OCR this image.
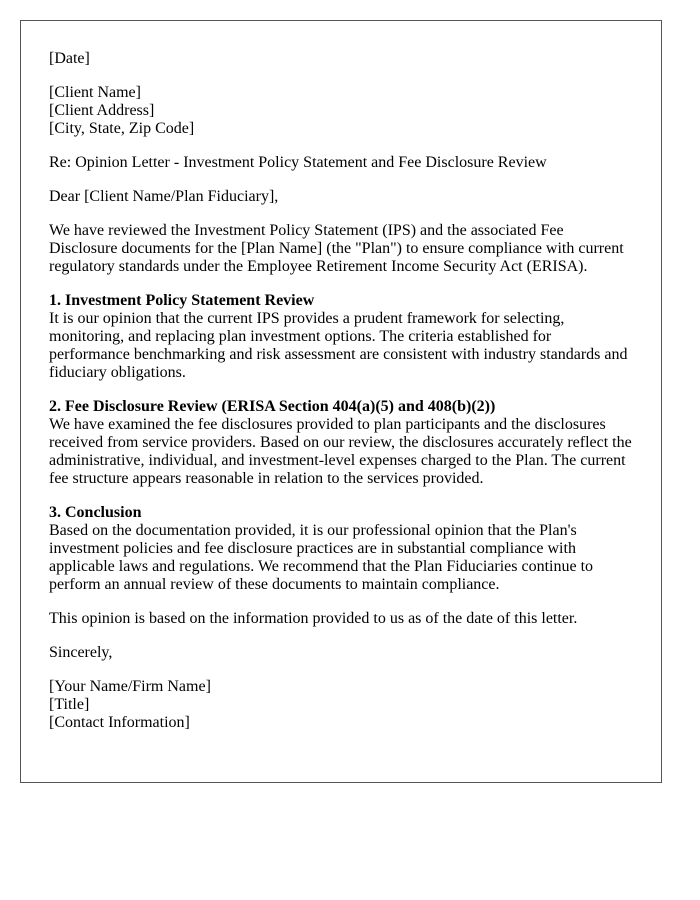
[Date]

[Client Name]
[Client Address]
[City, State, Zip Code]

Re: Opinion Letter - Investment Policy Statement and Fee Disclosure Review

Dear [Client Name/Plan Fiduciary],

We have reviewed the Investment Policy Statement (IPS) and the associated Fee Disclosure documents for the [Plan Name] (the "Plan") to ensure compliance with current regulatory standards under the Employee Retirement Income Security Act (ERISA).

1. Investment Policy Statement Review
It is our opinion that the current IPS provides a prudent framework for selecting, monitoring, and replacing plan investment options. The criteria established for performance benchmarking and risk assessment are consistent with industry standards and fiduciary obligations.

2. Fee Disclosure Review (ERISA Section 404(a)(5) and 408(b)(2))
We have examined the fee disclosures provided to plan participants and the disclosures received from service providers. Based on our review, the disclosures accurately reflect the administrative, individual, and investment-level expenses charged to the Plan. The current fee structure appears reasonable in relation to the services provided.

3. Conclusion
Based on the documentation provided, it is our professional opinion that the Plan's investment policies and fee disclosure practices are in substantial compliance with applicable laws and regulations. We recommend that the Plan Fiduciaries continue to perform an annual review of these documents to maintain compliance.

This opinion is based on the information provided to us as of the date of this letter.

Sincerely,

[Your Name/Firm Name]
[Title]
[Contact Information]
